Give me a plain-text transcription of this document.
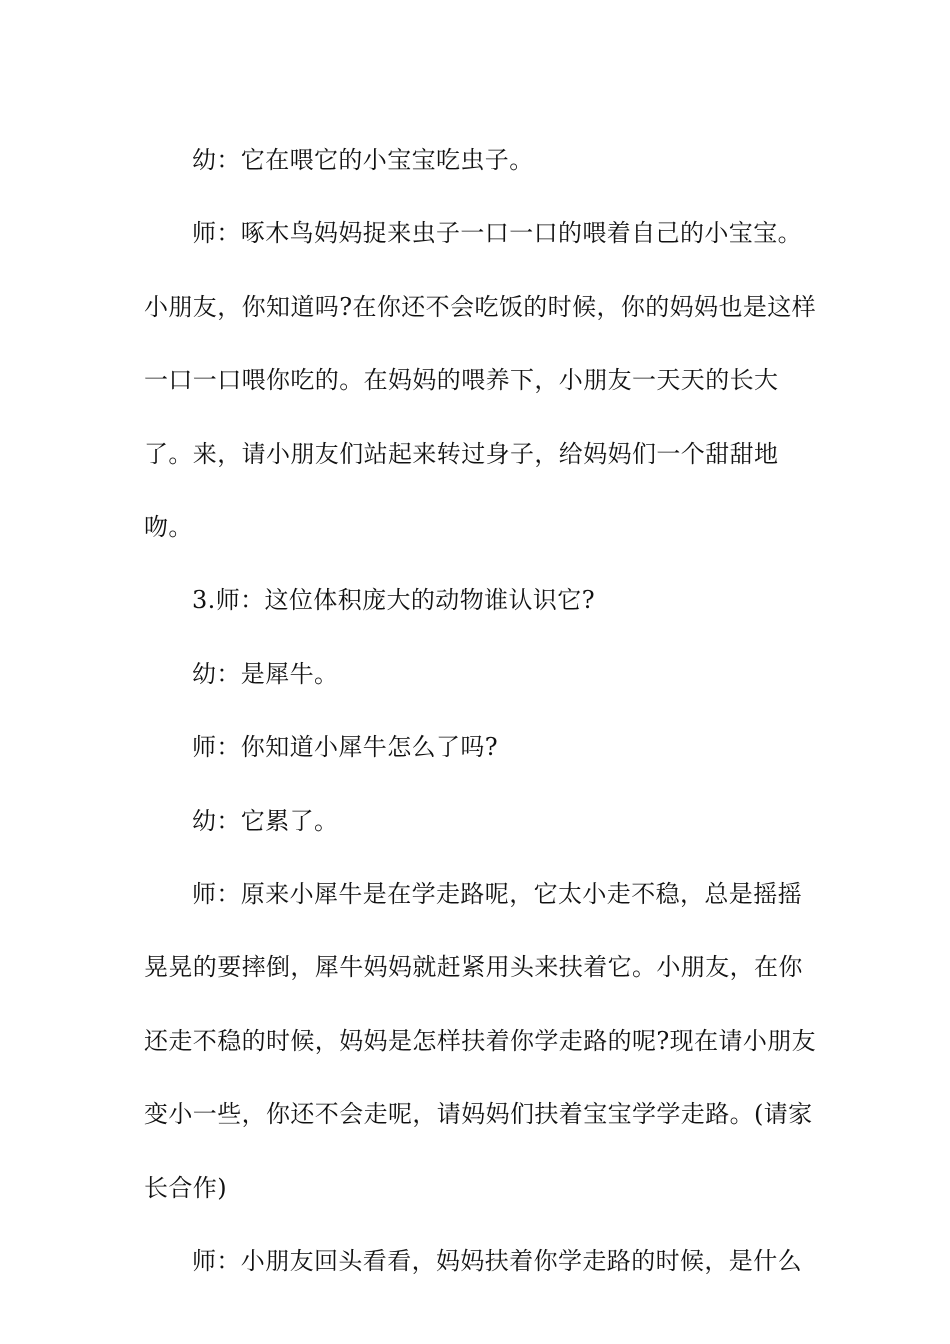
幼：它在喂它的小宝宝吃虫子。

师：啄木鸟妈妈捉来虫子一口一口的喂着自己的小宝宝。小朋友，你知道吗?在你还不会吃饭的时候，你的妈妈也是这样一口一口喂你吃的。在妈妈的喂养下，小朋友一天天的长大了。来，请小朋友们站起来转过身子，给妈妈们一个甜甜地吻。

3.师：这位体积庞大的动物谁认识它?

幼：是犀牛。

师：你知道小犀牛怎么了吗?

幼：它累了。

师：原来小犀牛是在学走路呢，它太小走不稳，总是摇摇晃晃的要摔倒，犀牛妈妈就赶紧用头来扶着它。小朋友，在你还走不稳的时候，妈妈是怎样扶着你学走路的呢?现在请小朋友变小一些，你还不会走呢，请妈妈们扶着宝宝学学走路。(请家长合作)

师：小朋友回头看看，妈妈扶着你学走路的时候，是什么
